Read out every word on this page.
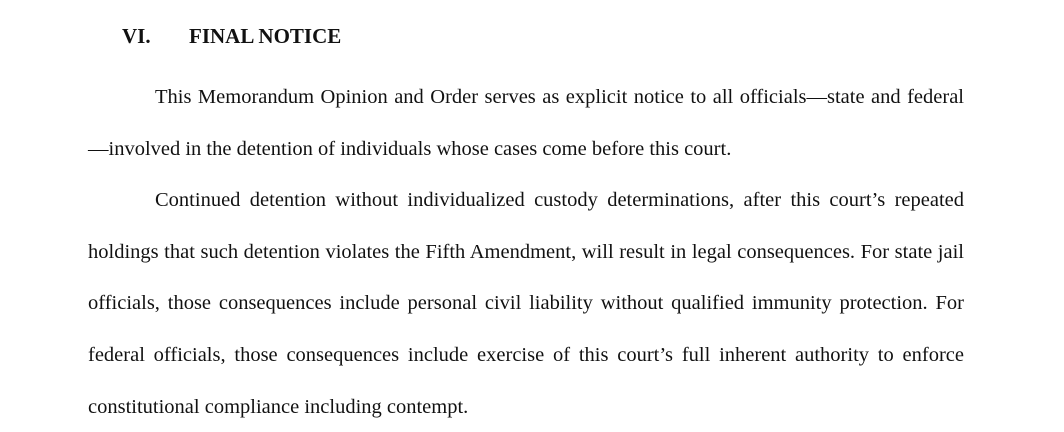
VI. FINAL NOTICE

This Memorandum Opinion and Order serves as explicit notice to all officials—state and federal—involved in the detention of individuals whose cases come before this court.

Continued detention without individualized custody determinations, after this court’s repeated holdings that such detention violates the Fifth Amendment, will result in legal consequences. For state jail officials, those consequences include personal civil liability without qualified immunity protection. For federal officials, those consequences include exercise of this court’s full inherent authority to enforce constitutional compliance including contempt.
